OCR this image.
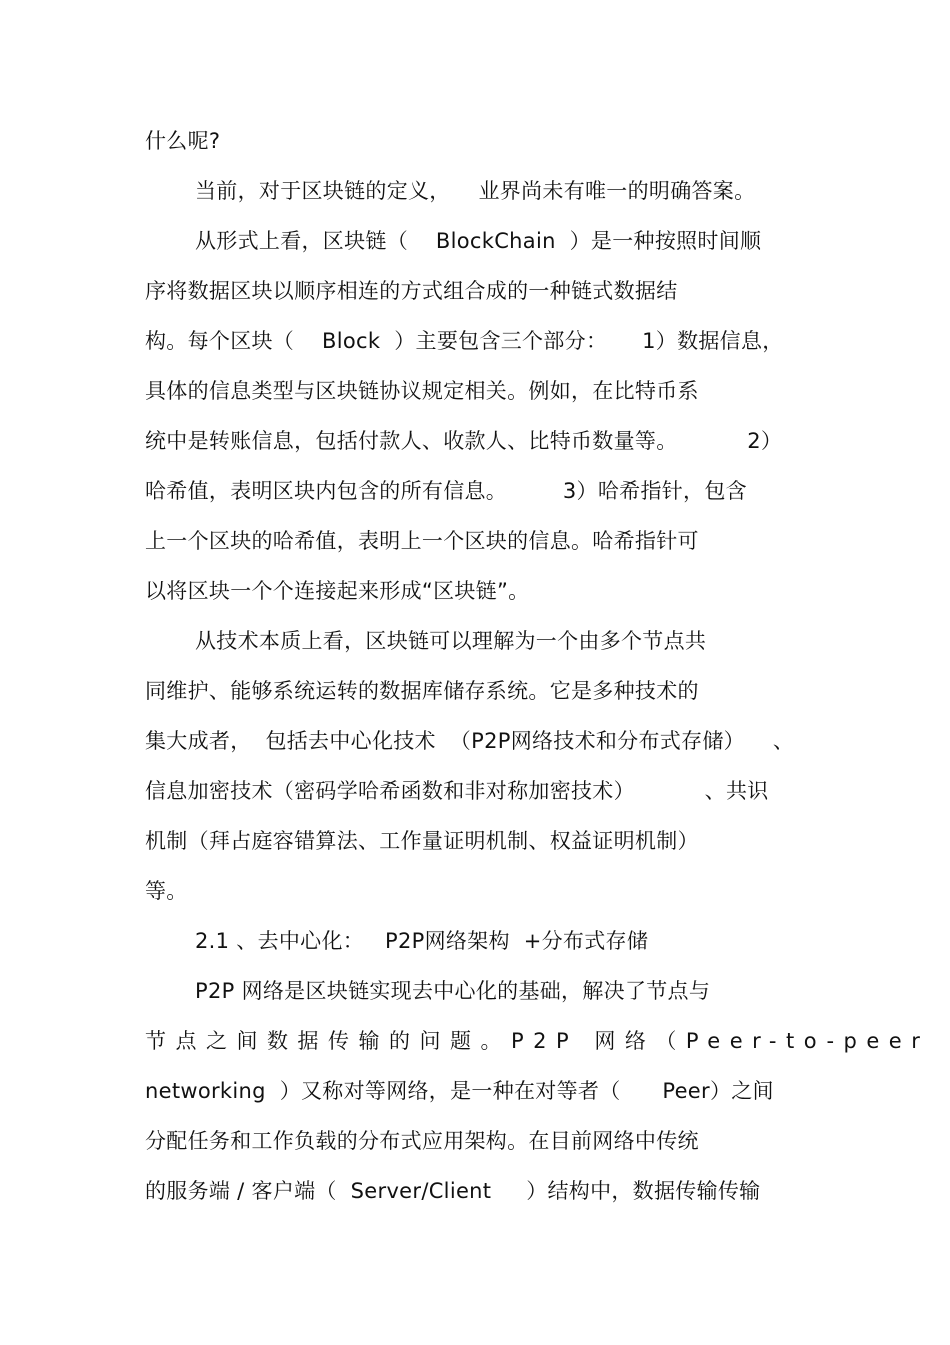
什么呢?
当前，对于区块链的定义，    业界尚未有唯一的明确答案。
从形式上看，区块链（    BlockChain  ）是一种按照时间顺
序将数据区块以顺序相连的方式组合成的一种链式数据结
构。每个区块（    Block  ）主要包含三个部分：     1）数据信息，
具体的信息类型与区块链协议规定相关。例如，在比特币系
统中是转账信息，包括付款人、收款人、比特币数量等。          2）
哈希值，表明区块内包含的所有信息。        3）哈希指针，包含
上一个区块的哈希值，表明上一个区块的信息。哈希指针可
以将区块一个个连接起来形成“区块链”。
从技术本质上看，区块链可以理解为一个由多个节点共
同维护、能够系统运转的数据库储存系统。它是多种技术的
集大成者，  包括去中心化技术  （P2P网络技术和分布式存储）    、
信息加密技术（密码学哈希函数和非对称加密技术）          、共识
机制（拜占庭容错算法、工作量证明机制、权益证明机制）
等。
2.1 、去中心化：   P2P网络架构  +分布式存储
P2P 网络是区块链实现去中心化的基础，解决了节点与
节点之间数据传输的问题。P2P 网络（Peer-to-peer
networking  ）又称对等网络，是一种在对等者（      Peer）之间
分配任务和工作负载的分布式应用架构。在目前网络中传统
的服务端 / 客户端（  Server/Client     ）结构中，数据传输传输
